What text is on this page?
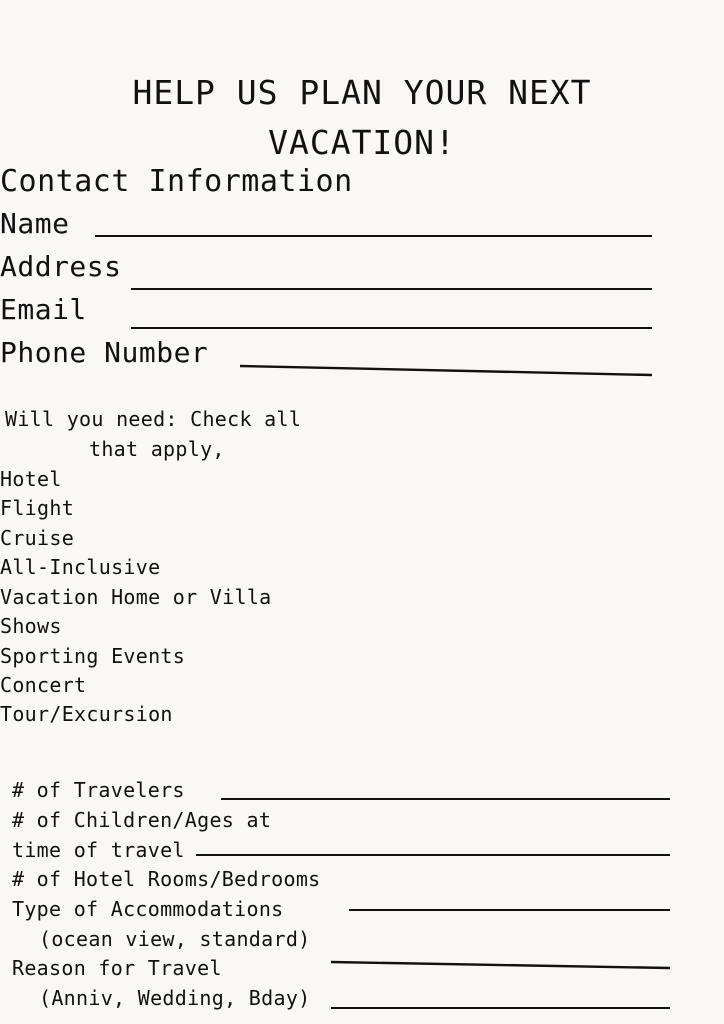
HELP US PLAN YOUR NEXT
VACATION!
Contact Information
Name
Address
Email
Phone Number
Will you need: Check all
that apply,
Hotel
Flight
Cruise
All-Inclusive
Vacation Home or Villa
Shows
Sporting Events
Concert
Tour/Excursion
# of Travelers
# of Children/Ages at
time of travel
# of Hotel Rooms/Bedrooms
Type of Accommodations
(ocean view, standard)
Reason for Travel
(Anniv, Wedding, Bday)
